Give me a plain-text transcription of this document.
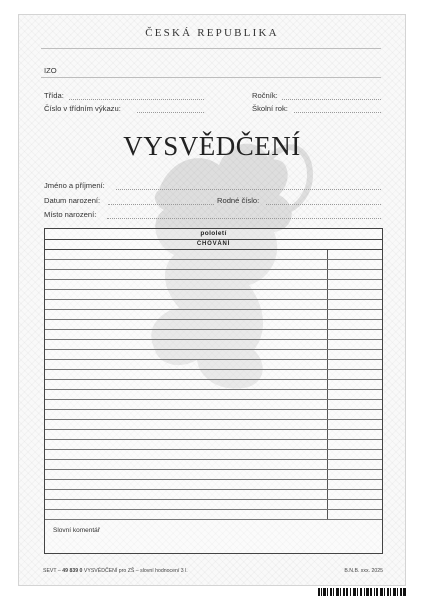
ČESKÁ REPUBLIKA
IZO
Třída:	Ročník:
Číslo v třídním výkazu:	Školní rok:
VYSVĚDČENÍ
Jméno a příjmení:
Datum narození:	Rodné číslo:
Místo narození:
pololetí
CHOVÁNÍ
Slovní komentář
SEVT – 49 839 0 VYSVĚDČENÍ pro ZŠ – slovní hodnocení 3 l.	B.N.B. xxx. 2025
